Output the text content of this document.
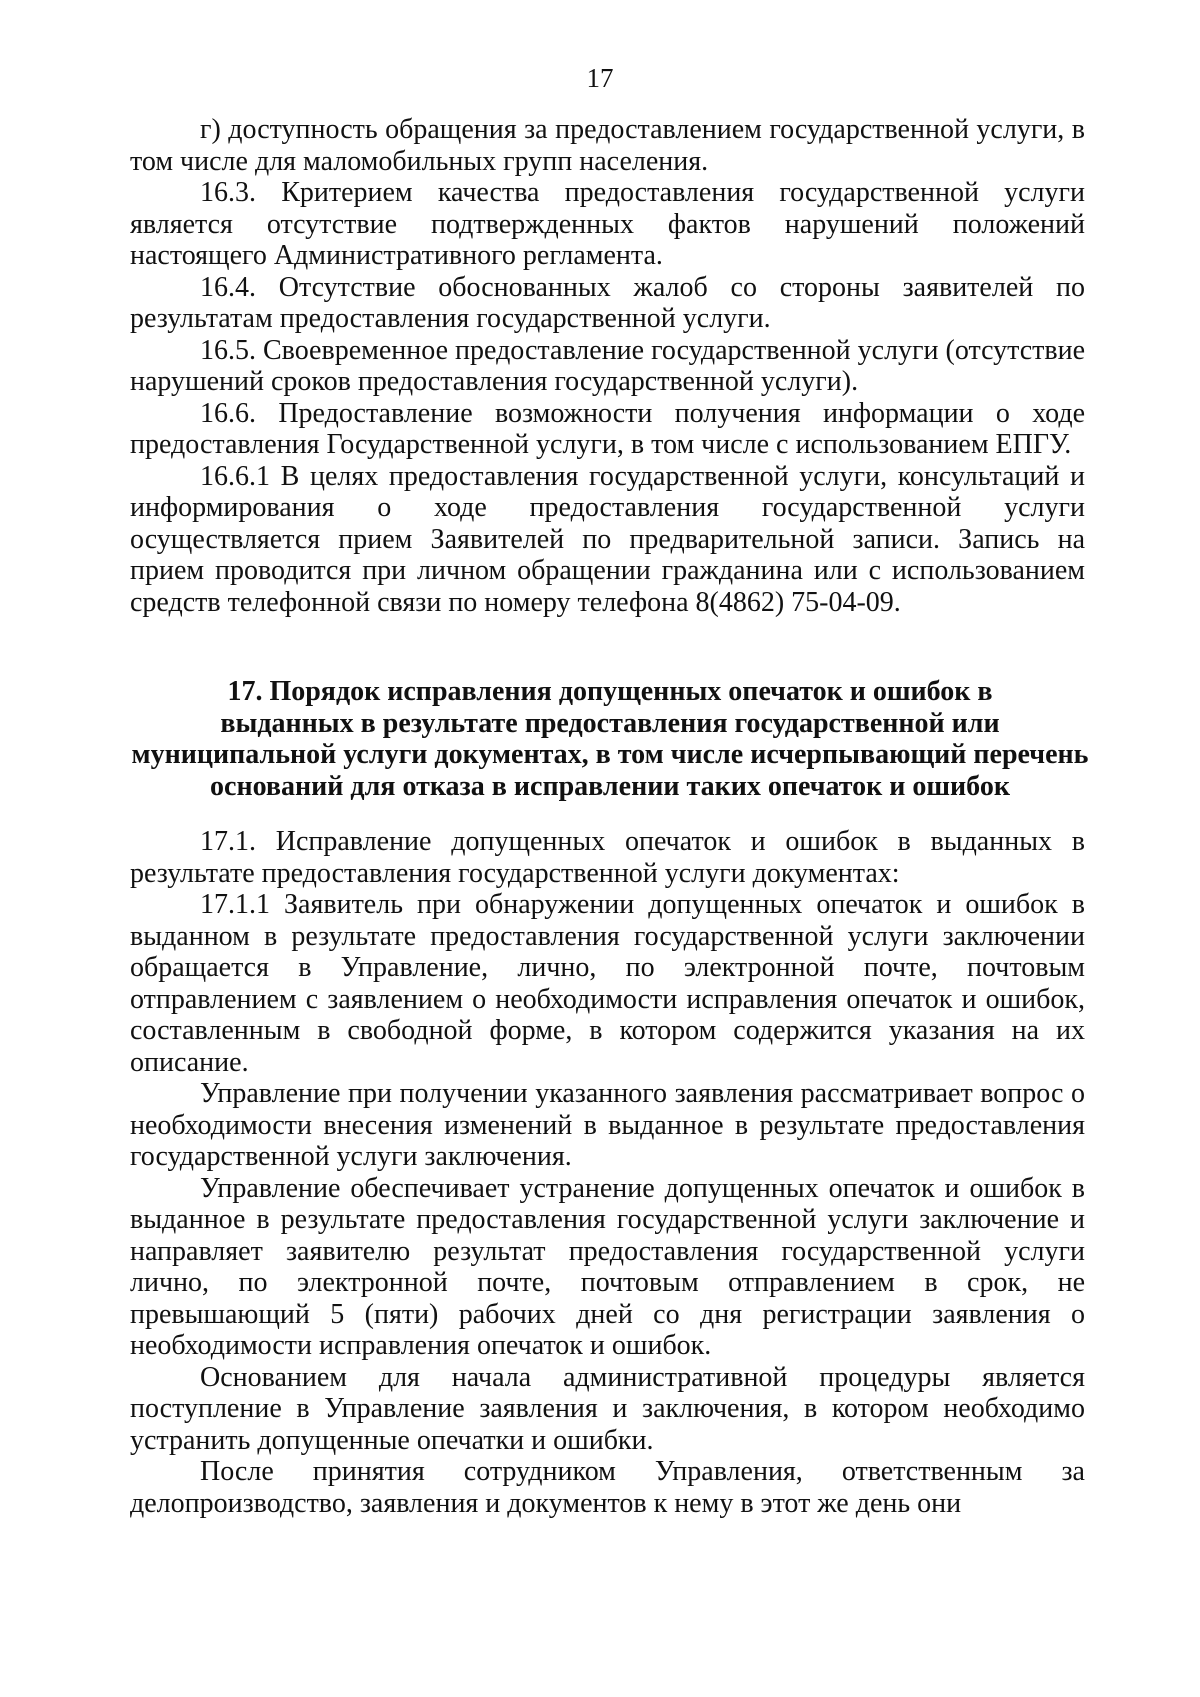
17

г) доступность обращения за предоставлением государственной услуги, в том числе для маломобильных групп населения.

16.3. Критерием качества предоставления государственной услуги является отсутствие подтвержденных фактов нарушений положений настоящего Административного регламента.

16.4. Отсутствие обоснованных жалоб со стороны заявителей по результатам предоставления государственной услуги.

16.5. Своевременное предоставление государственной услуги (отсутствие нарушений сроков предоставления государственной услуги).

16.6. Предоставление возможности получения информации о ходе предоставления Государственной услуги, в том числе с использованием ЕПГУ.

16.6.1 В целях предоставления государственной услуги, консультаций и информирования о ходе предоставления государственной услуги осуществляется прием Заявителей по предварительной записи. Запись на прием проводится при личном обращении гражданина или с использованием средств телефонной связи по номеру телефона 8(4862) 75-04-09.

17. Порядок исправления допущенных опечаток и ошибок в
выданных в результате предоставления государственной или
муниципальной услуги документах, в том числе исчерпывающий перечень
оснований для отказа в исправлении таких опечаток и ошибок

17.1. Исправление допущенных опечаток и ошибок в выданных в результате предоставления государственной услуги документах:

17.1.1 Заявитель при обнаружении допущенных опечаток и ошибок в выданном в результате предоставления государственной услуги заключении обращается в Управление, лично, по электронной почте, почтовым отправлением с заявлением о необходимости исправления опечаток и ошибок, составленным в свободной форме, в котором содержится указания на их описание.

Управление при получении указанного заявления рассматривает вопрос о необходимости внесения изменений в выданное в результате предоставления государственной услуги заключения.

Управление обеспечивает устранение допущенных опечаток и ошибок в выданное в результате предоставления государственной услуги заключение и направляет заявителю результат предоставления государственной услуги лично, по электронной почте, почтовым отправлением в срок, не превышающий 5 (пяти) рабочих дней со дня регистрации заявления о необходимости исправления опечаток и ошибок.

Основанием для начала административной процедуры является поступление в Управление заявления и заключения, в котором необходимо устранить допущенные опечатки и ошибки.

После принятия сотрудником Управления, ответственным за делопроизводство, заявления и документов к нему в этот же день они
